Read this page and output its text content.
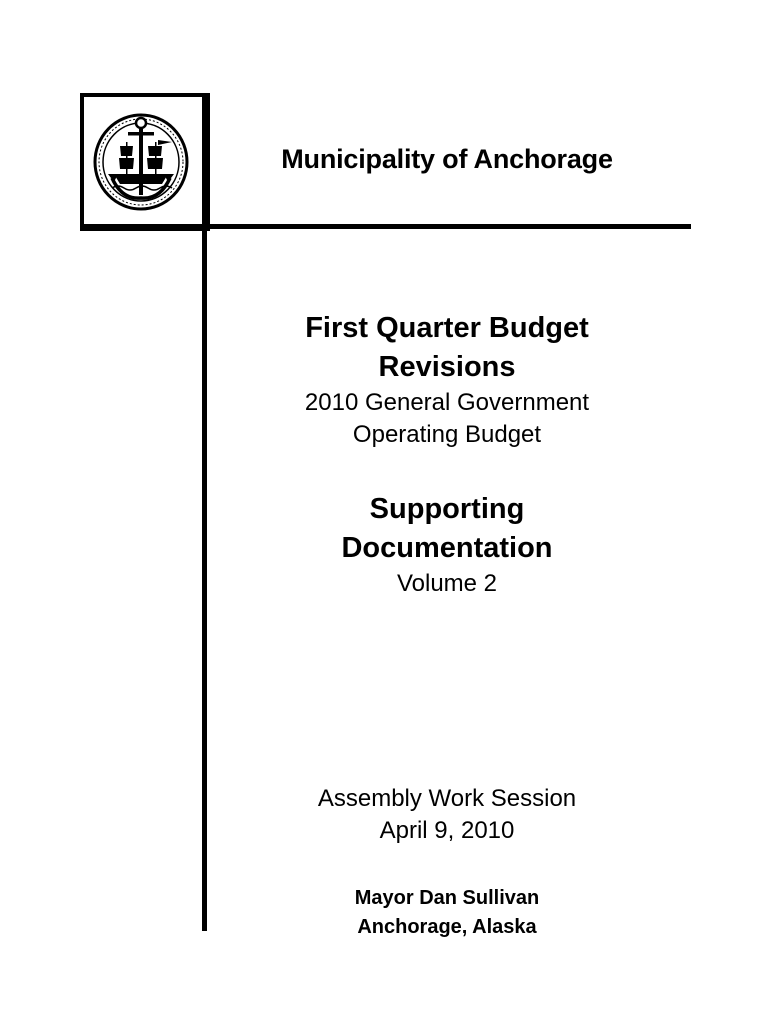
Municipality of Anchorage
First Quarter Budget
Revisions
2010 General Government
Operating Budget
Supporting
Documentation
Volume 2
Assembly Work Session
April 9, 2010
Mayor Dan Sullivan
Anchorage, Alaska
